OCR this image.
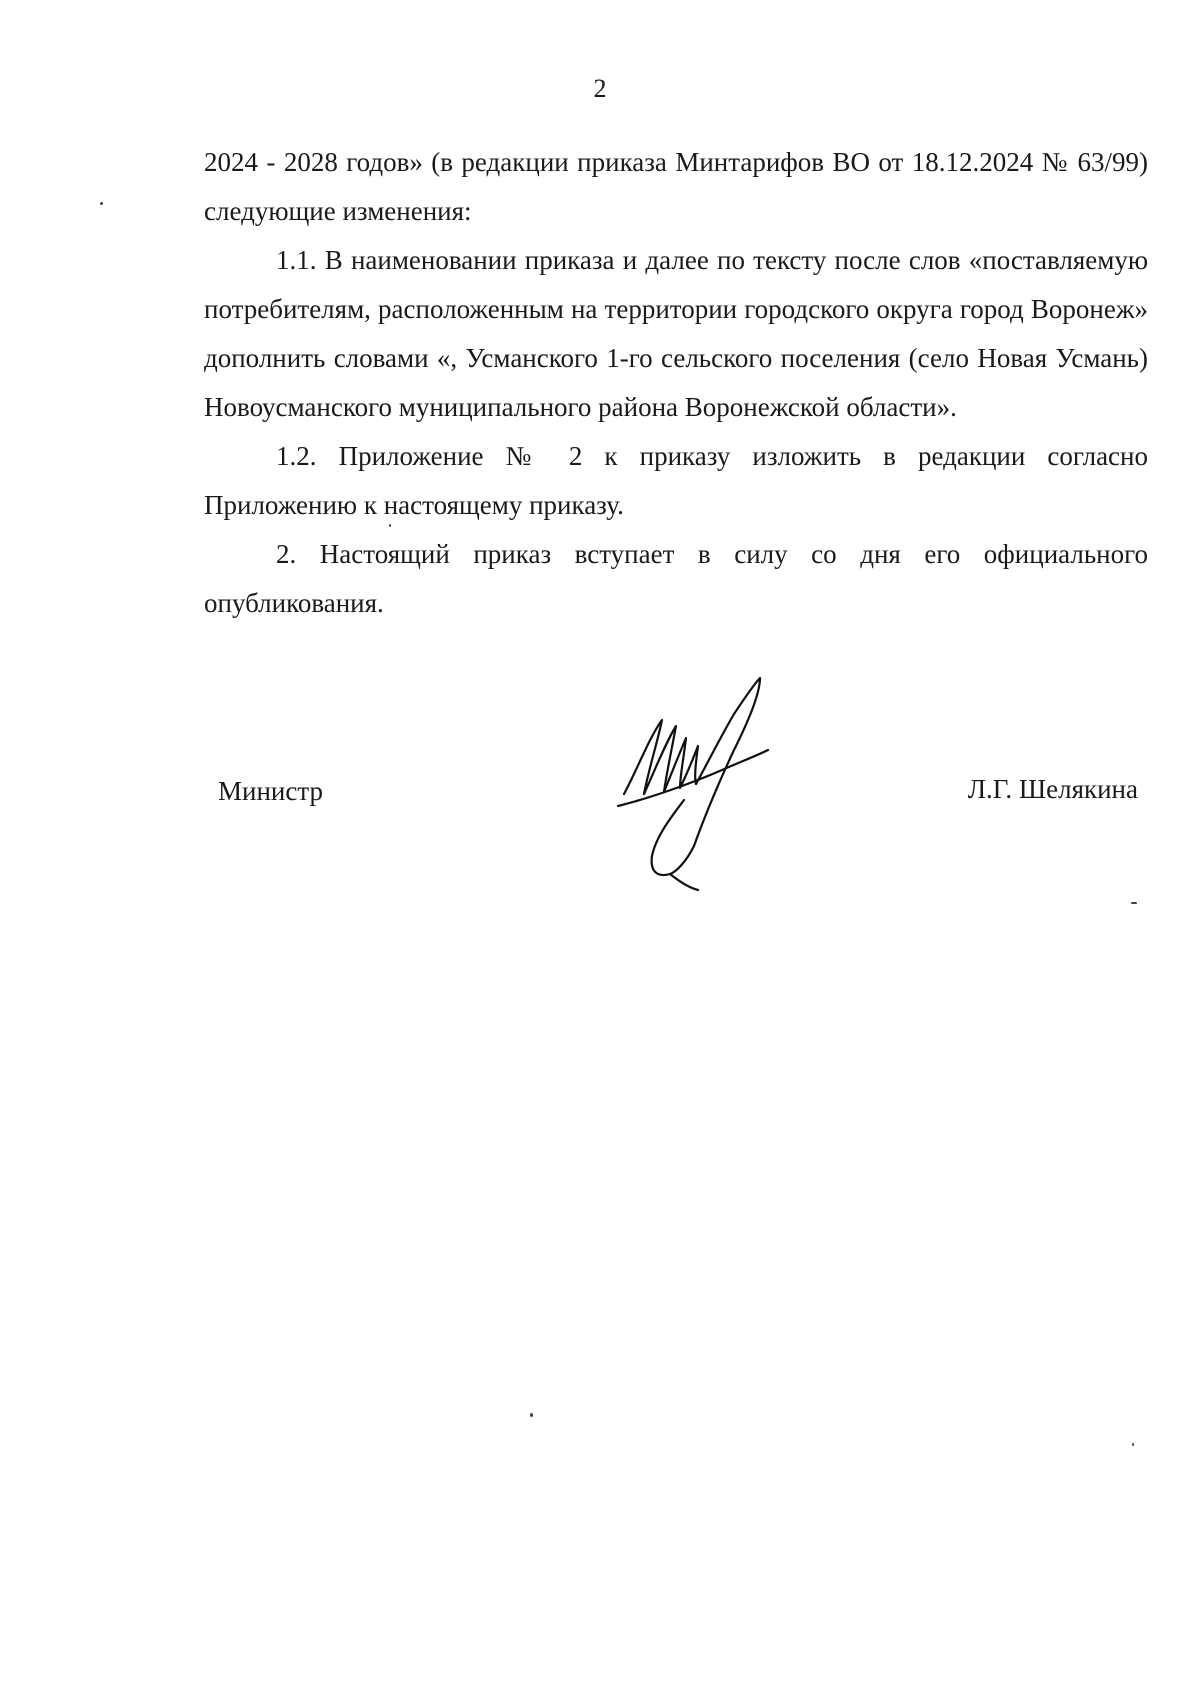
2

2024 - 2028 годов» (в редакции приказа Минтарифов ВО от 18.12.2024 № 63/99) следующие изменения:

1.1. В наименовании приказа и далее по тексту после слов «поставляемую потребителям, расположенным на территории городского округа город Воронеж» дополнить словами «, Усманского 1-го сельского поселения (село Новая Усмань) Новоусманского муниципального района Воронежской области».

1.2. Приложение № 2 к приказу изложить в редакции согласно Приложению к настоящему приказу.

2. Настоящий приказ вступает в силу со дня его официального опубликования.

Министр	Л.Г. Шелякина
